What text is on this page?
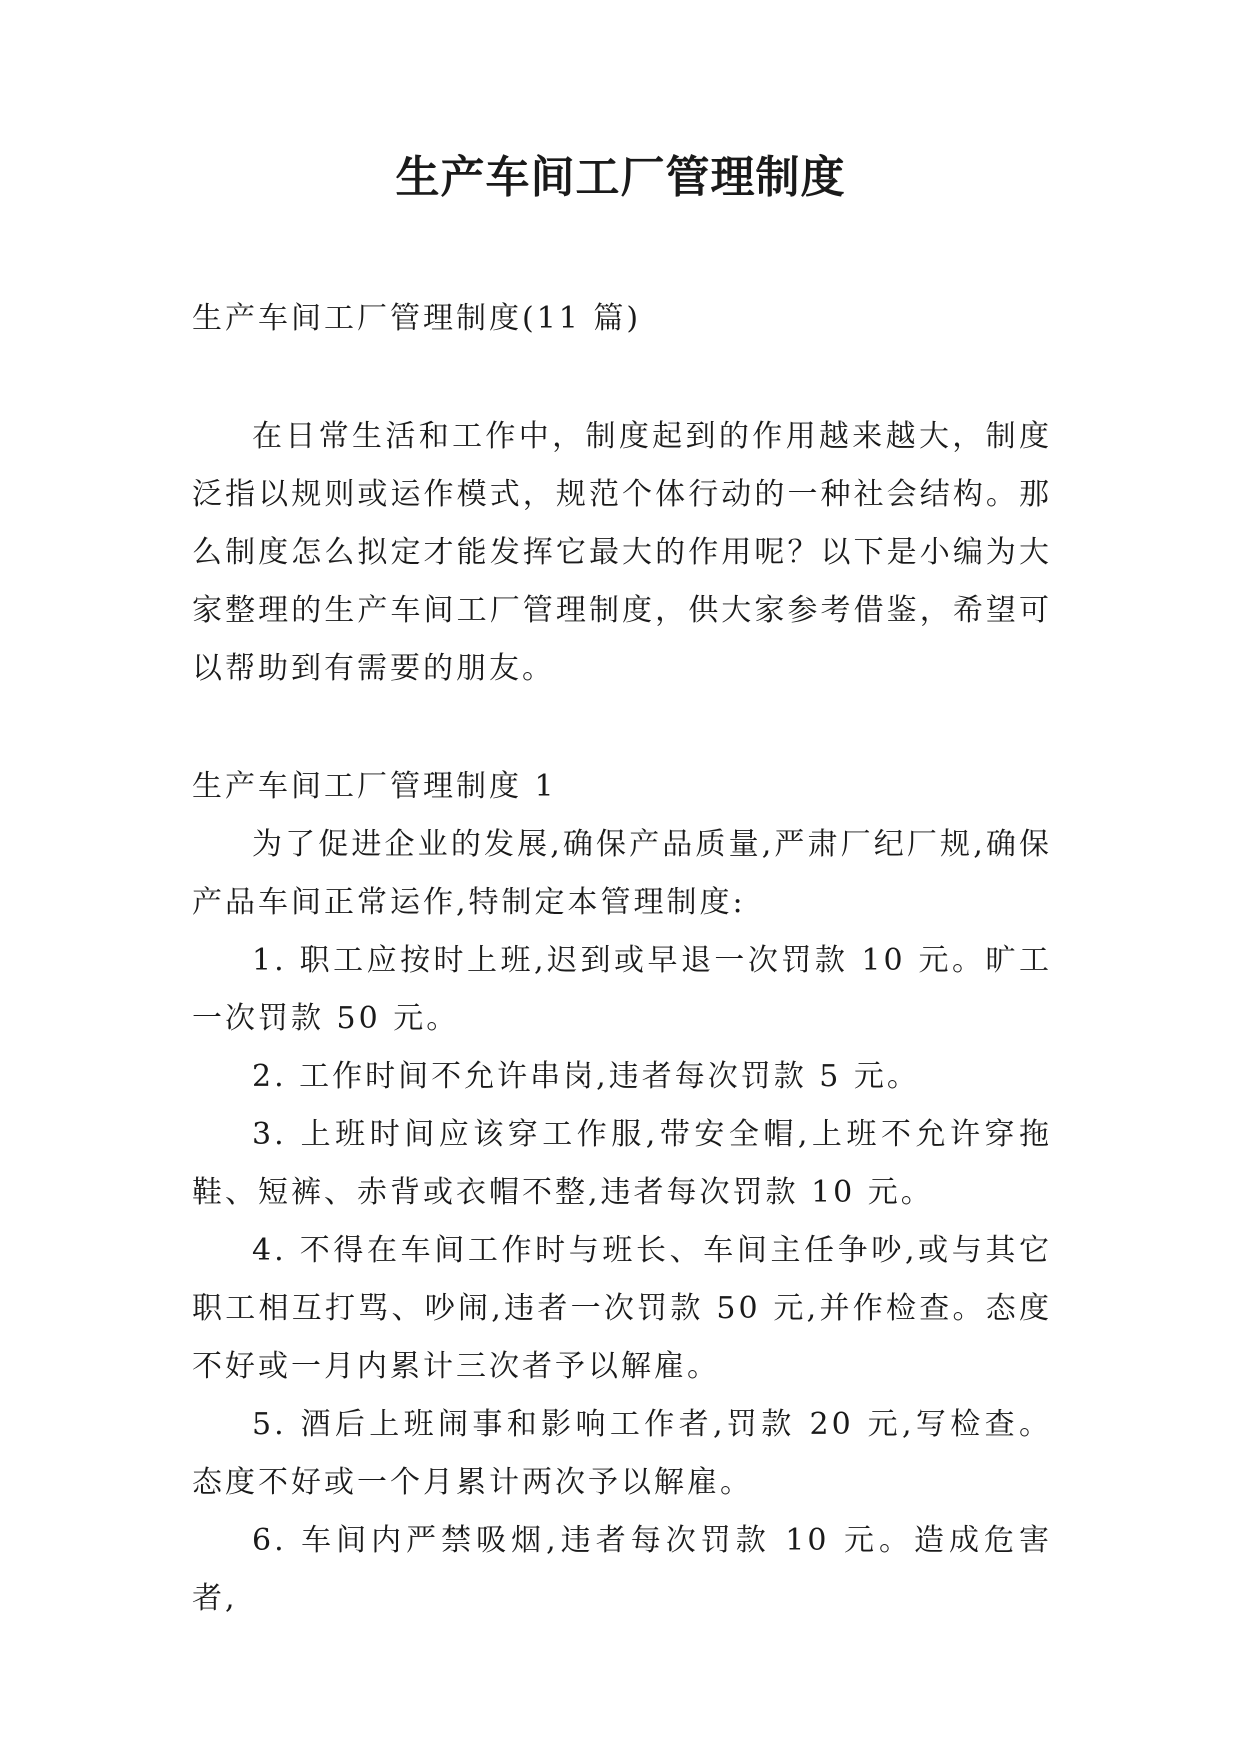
生产车间工厂管理制度

生产车间工厂管理制度(11 篇)

在日常生活和工作中，制度起到的作用越来越大，制度泛指以规则或运作模式，规范个体行动的一种社会结构。那么制度怎么拟定才能发挥它最大的作用呢？以下是小编为大家整理的生产车间工厂管理制度，供大家参考借鉴，希望可以帮助到有需要的朋友。

生产车间工厂管理制度 1

为了促进企业的发展,确保产品质量,严肃厂纪厂规,确保产品车间正常运作,特制定本管理制度:

1. 职工应按时上班,迟到或早退一次罚款 10 元。旷工一次罚款 50 元。

2. 工作时间不允许串岗,违者每次罚款 5 元。

3. 上班时间应该穿工作服,带安全帽,上班不允许穿拖鞋、短裤、赤背或衣帽不整,违者每次罚款 10 元。

4. 不得在车间工作时与班长、车间主任争吵,或与其它职工相互打骂、吵闹,违者一次罚款 50 元,并作检查。态度不好或一月内累计三次者予以解雇。

5. 酒后上班闹事和影响工作者,罚款 20 元,写检查。态度不好或一个月累计两次予以解雇。

6. 车间内严禁吸烟,违者每次罚款 10 元。造成危害者,
